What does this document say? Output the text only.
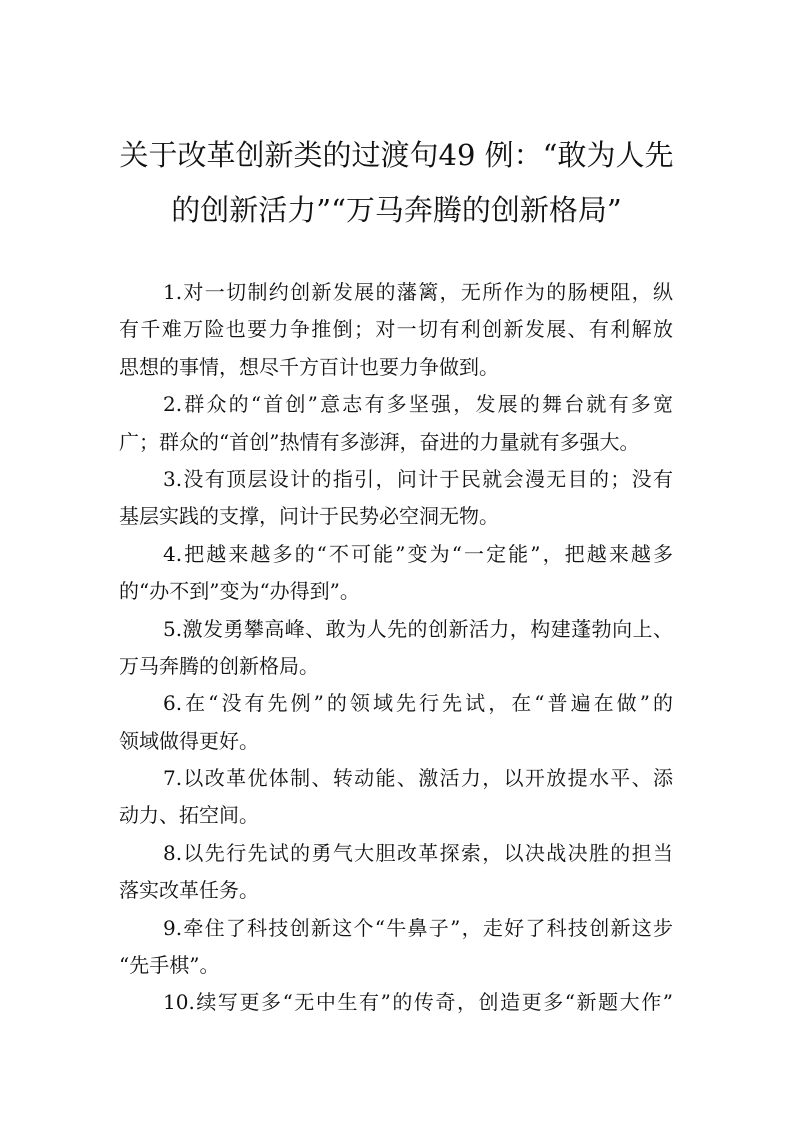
关于改革创新类的过渡句49 例：“敢为人先
的创新活力”“万马奔腾的创新格局”
1.对一切制约创新发展的藩篱，无所作为的肠梗阻，纵
有千难万险也要力争推倒；对一切有利创新发展、有利解放
思想的事情，想尽千方百计也要力争做到。
2.群众的“首创”意志有多坚强，发展的舞台就有多宽
广；群众的“首创”热情有多澎湃，奋进的力量就有多强大。
3.没有顶层设计的指引，问计于民就会漫无目的；没有
基层实践的支撑，问计于民势必空洞无物。
4.把越来越多的“不可能”变为“一定能”，把越来越多
的“办不到”变为“办得到”。
5.激发勇攀高峰、敢为人先的创新活力，构建蓬勃向上、
万马奔腾的创新格局。
6.在“没有先例”的领域先行先试，在“普遍在做”的
领域做得更好。
7.以改革优体制、转动能、激活力，以开放提水平、添
动力、拓空间。
8.以先行先试的勇气大胆改革探索，以决战决胜的担当
落实改革任务。
9.牵住了科技创新这个“牛鼻子”，走好了科技创新这步
“先手棋”。
10.续写更多“无中生有”的传奇，创造更多“新题大作”
